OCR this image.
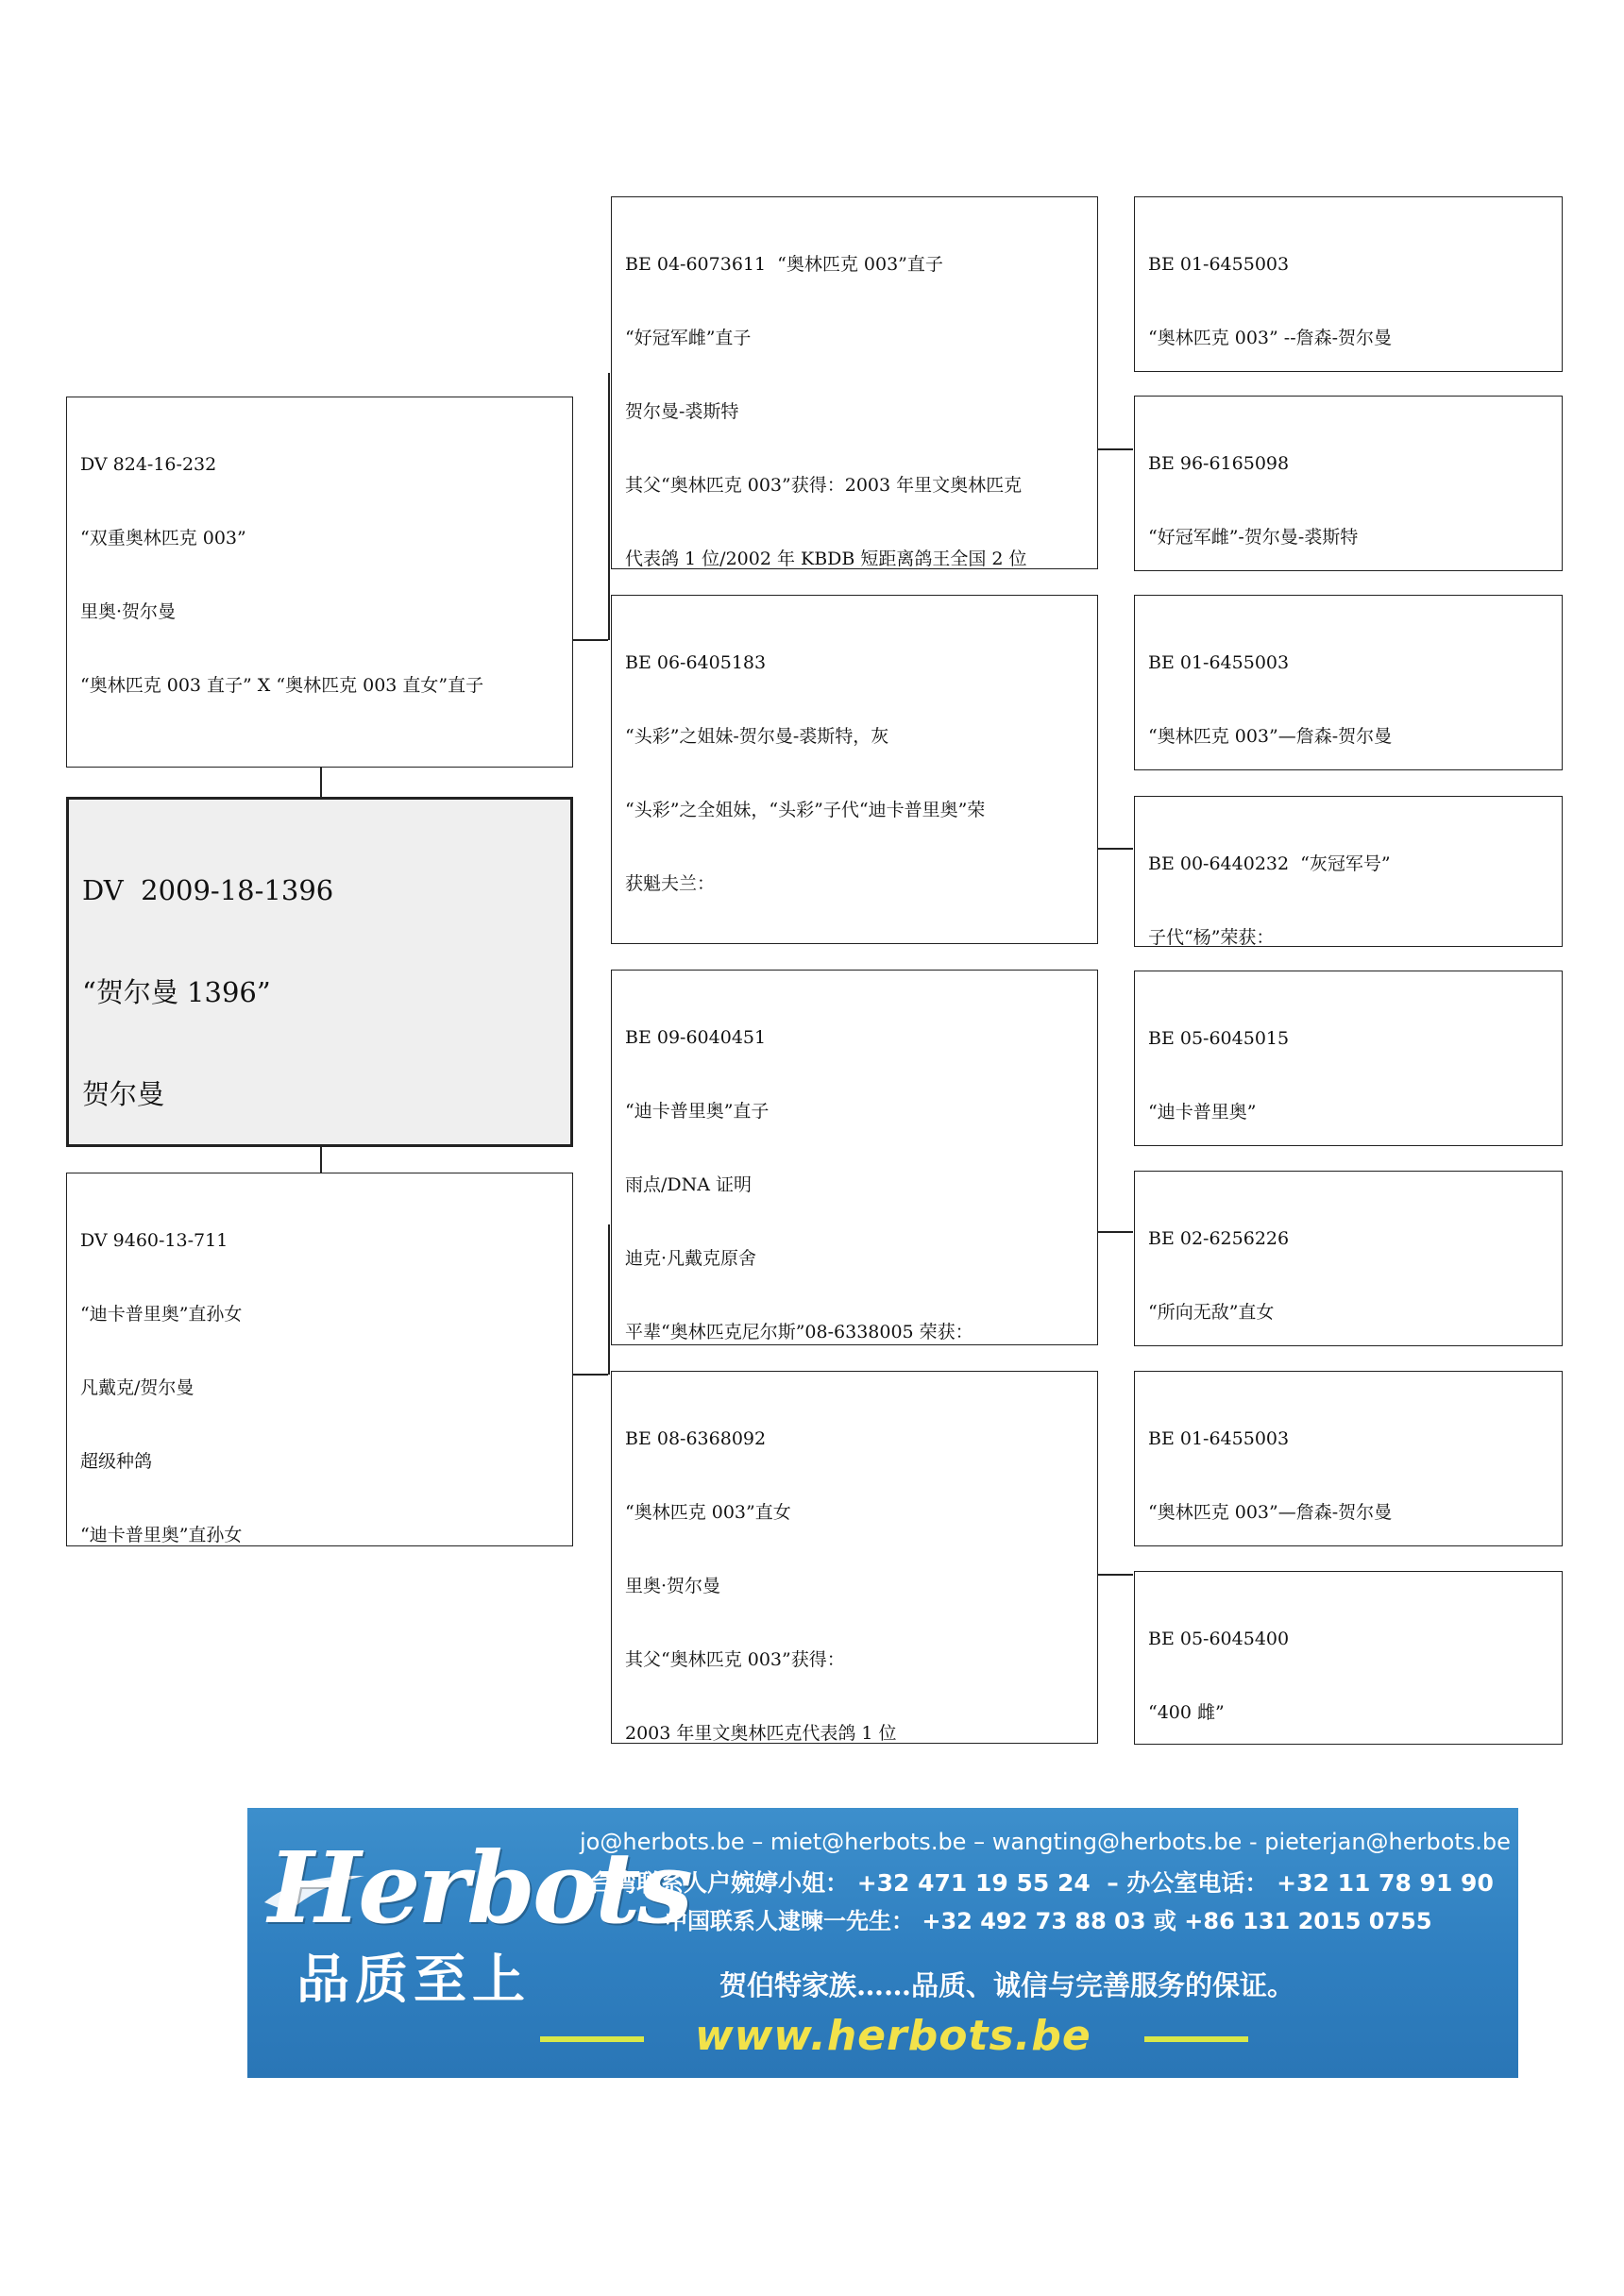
DV  2009-18-1396

“贺尔曼 1396”

贺尔曼

DV 824-16-232

“双重奥林匹克 003”

里奥·贺尔曼

“奥林匹克 003 直子” X “奥林匹克 003 直女”直子

DV 9460-13-711

“迪卡普里奥”直孙女

凡戴克/贺尔曼

超级种鸽

“迪卡普里奥”直孙女

BE 04-6073611  “奥林匹克 003”直子

“好冠军雌”直子

贺尔曼-裘斯特

其父“奥林匹克 003”获得：2003 年里文奥林匹克

代表鸽 1 位/2002 年 KBDB 短距离鸽王全国 2 位

BE 06-6405183

“头彩”之姐妹-贺尔曼-裘斯特，灰

“头彩”之全姐妹，“头彩”子代“迪卡普里奥”荣

获魁夫兰：

BE 09-6040451

“迪卡普里奥”直子

雨点/DNA 证明

迪克·凡戴克原舍

平辈“奥林匹克尼尔斯”08-6338005 荣获：

BE 08-6368092

“奥林匹克 003”直女

里奥·贺尔曼

其父“奥林匹克 003”获得：

2003 年里文奥林匹克代表鸽 1 位

BE 01-6455003

“奥林匹克 003” --詹森-贺尔曼

BE 96-6165098

“好冠军雌”-贺尔曼-裘斯特

BE 01-6455003

“奥林匹克 003”—詹森-贺尔曼

BE 00-6440232  “灰冠军号”

子代“杨”荣获：

BE 05-6045015

“迪卡普里奥”

BE 02-6256226

“所向无敌”直女

BE 01-6455003

“奥林匹克 003”—詹森-贺尔曼

BE 05-6045400

“400 雌”

Herbots
品质至上
jo@herbots.be – miet@herbots.be – wangting@herbots.be - pieterjan@herbots.be
台湾联系人户婉婷小姐： +32 471 19 55 24  – 办公室电话： +32 11 78 91 90
中国联系人逮暕一先生： +32 492 73 88 03 或 +86 131 2015 0755
贺伯特家族……品质、诚信与完善服务的保证。
www.herbots.be
